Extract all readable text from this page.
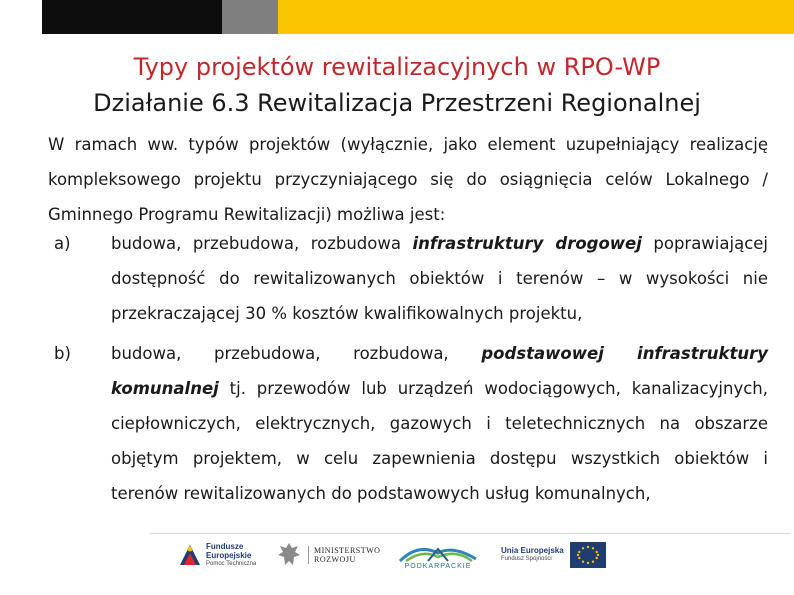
Typy projektów rewitalizacyjnych w RPO-WP
Działanie 6.3 Rewitalizacja Przestrzeni Regionalnej
W ramach ww. typów projektów (wyłącznie, jako element uzupełniający realizację kompleksowego projektu przyczyniającego się do osiągnięcia celów Lokalnego / Gminnego Programu Rewitalizacji) możliwa jest:
a) budowa, przebudowa, rozbudowa infrastruktury drogowej poprawiającej dostępność do rewitalizowanych obiektów i terenów – w wysokości nie przekraczającej 30 % kosztów kwalifikowalnych projektu,
b) budowa, przebudowa, rozbudowa, podstawowej infrastruktury komunalnej tj. przewodów lub urządzeń wodociągowych, kanalizacyjnych, ciepłowniczych, elektrycznych, gazowych i teletechnicznych na obszarze objętym projektem, w celu zapewnienia dostępu wszystkich obiektów i terenów rewitalizowanych do podstawowych usług komunalnych,
Fundusze
Europejskie
Pomoc Techniczna
MINISTERSTWO
ROZWOJU
PODKARPACKIE
Unia Europejska
Fundusz Spójności
